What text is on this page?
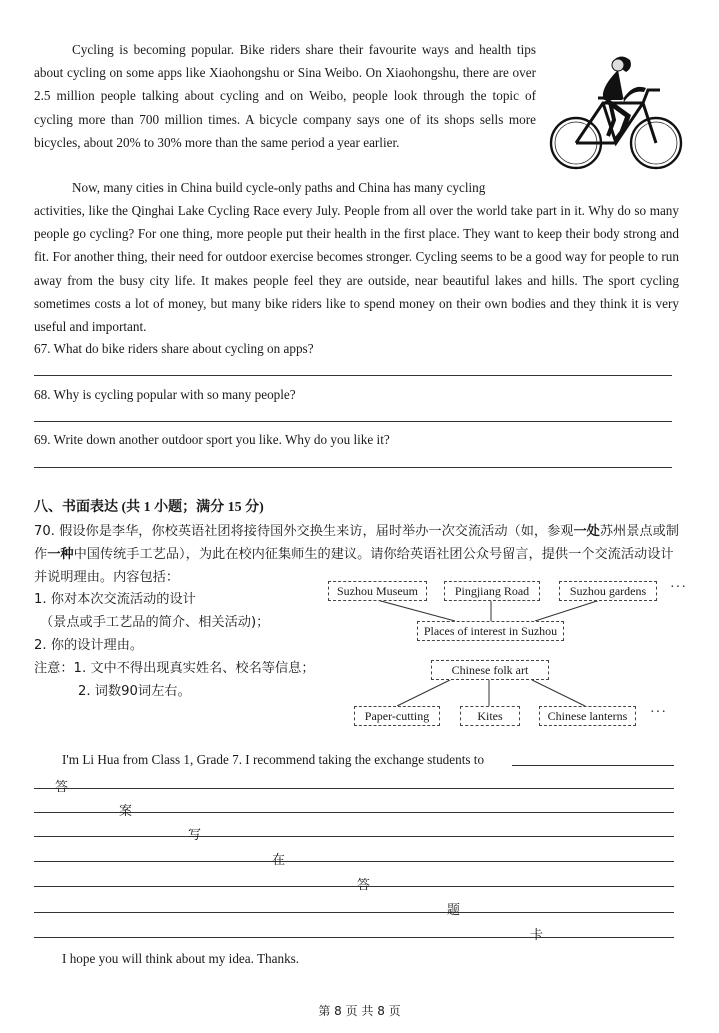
Cycling is becoming popular. Bike riders share their favourite ways and health tips about cycling on some apps like Xiaohongshu or Sina Weibo. On Xiaohongshu, there are over 2.5 million people talking about cycling and on Weibo, people look through the topic of cycling more than 700 million times. A bicycle company says one of its shops sells more bicycles, about 20% to 30% more than the same period a year earlier.

Now, many cities in China build cycle-only paths and China has many cycling

activities, like the Qinghai Lake Cycling Race every July. People from all over the world take part in it. Why do so many people go cycling? For one thing, more people put their health in the first place. They want to keep their body strong and fit. For another thing, their need for outdoor exercise becomes stronger. Cycling seems to be a good way for people to run away from the busy city life. It makes people feel they are outside, near beautiful lakes and hills. The sport cycling sometimes costs a lot of money, but many bike riders like to spend money on their own bodies and they think it is very useful and important.

67. What do bike riders share about cycling on apps?
68. Why is cycling popular with so many people?
69. Write down another outdoor sport you like. Why do you like it?
八、书面表达 (共 1 小题；满分 15 分)

70. 假设你是李华，你校英语社团将接待国外交换生来访，届时举办一次交流活动（如，参观一处苏州景点或制作一种中国传统手工艺品），为此在校内征集师生的建议。请你给英语社团公众号留言，提供一个交流活动设计并说明理由。内容包括：

1. 你对本次交流活动的设计
（景点或手工艺品的简介、相关活动)；
2. 你的设计理由。
注意：1. 文中不得出现真实姓名、校名等信息；
2. 词数90词左右。
Suzhou Museum	Pingjiang Road	Suzhou gardens	···
Places of interest in Suzhou
Chinese folk art
Paper-cutting	Kites	Chinese lanterns	···
I'm Li Hua from Class 1, Grade 7. I recommend taking the exchange students to
答
案
写
在
答
题
卡
I hope you will think about my idea. Thanks.
第 8 页 共 8 页
